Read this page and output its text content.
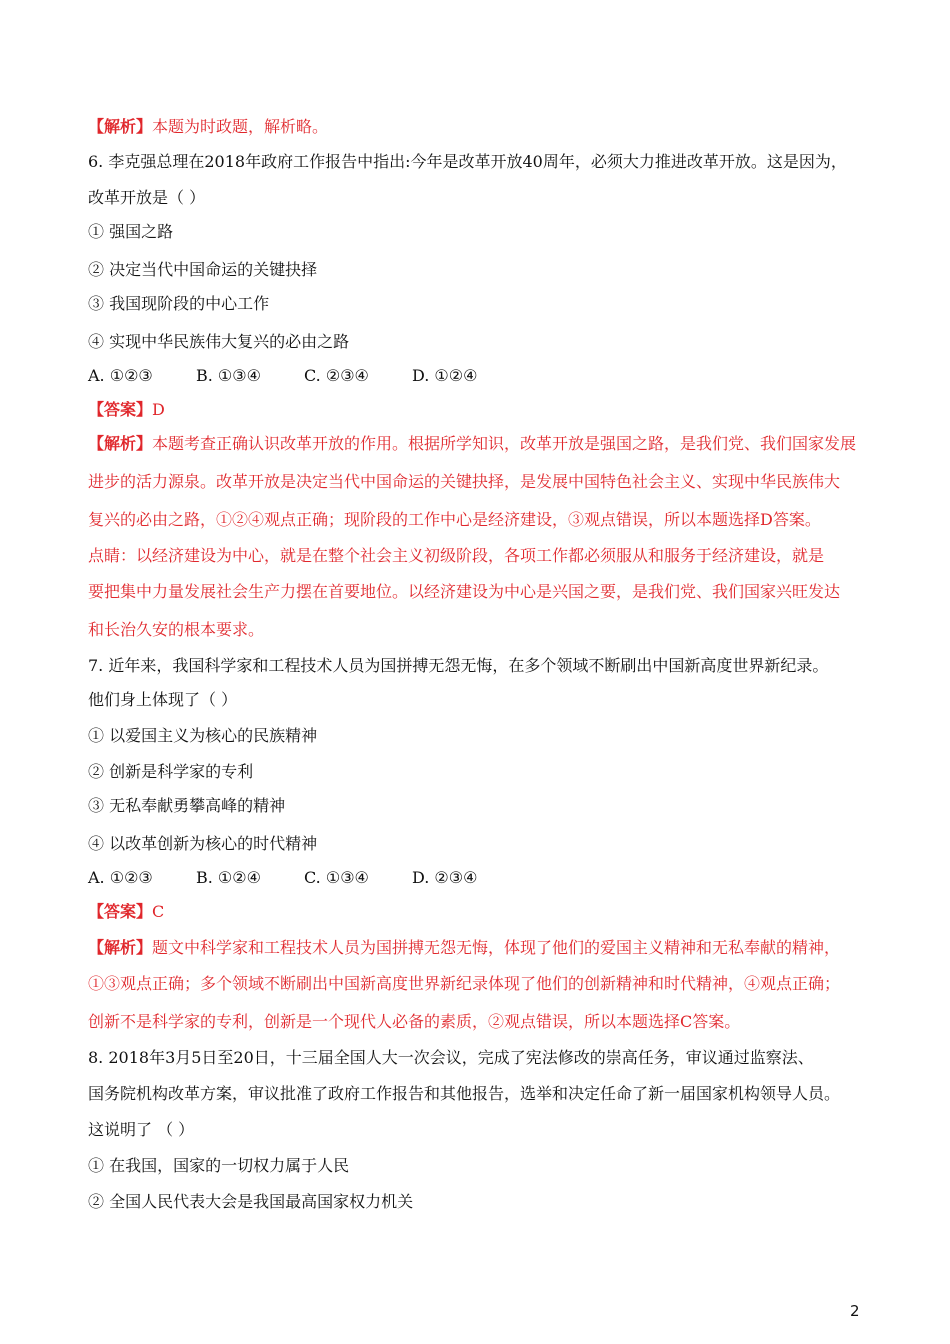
【解析】本题为时政题，解析略。
6. 李克强总理在2018年政府工作报告中指出:今年是改革开放40周年，必须大力推进改革开放。这是因为，
改革开放是（ ）
① 强国之路
② 决定当代中国命运的关键抉择
③ 我国现阶段的中心工作
④ 实现中华民族伟大复兴的必由之路
A. ①②③	B. ①③④	C. ②③④	D. ①②④
【答案】D
【解析】本题考查正确认识改革开放的作用。根据所学知识，改革开放是强国之路，是我们党、我们国家发展
进步的活力源泉。改革开放是决定当代中国命运的关键抉择，是发展中国特色社会主义、实现中华民族伟大
复兴的必由之路，①②④观点正确；现阶段的工作中心是经济建设，③观点错误，所以本题选择D答案。
点睛：以经济建设为中心，就是在整个社会主义初级阶段，各项工作都必须服从和服务于经济建设，就是
要把集中力量发展社会生产力摆在首要地位。以经济建设为中心是兴国之要，是我们党、我们国家兴旺发达
和长治久安的根本要求。
7. 近年来，我国科学家和工程技术人员为国拼搏无怨无悔，在多个领域不断刷出中国新高度世界新纪录。
他们身上体现了（ ）
① 以爱国主义为核心的民族精神
② 创新是科学家的专利
③ 无私奉献勇攀高峰的精神
④ 以改革创新为核心的时代精神
A. ①②③	B. ①②④	C. ①③④	D. ②③④
【答案】C
【解析】题文中科学家和工程技术人员为国拼搏无怨无悔，体现了他们的爱国主义精神和无私奉献的精神，
①③观点正确；多个领域不断刷出中国新高度世界新纪录体现了他们的创新精神和时代精神，④观点正确；
创新不是科学家的专利，创新是一个现代人必备的素质，②观点错误，所以本题选择C答案。
8. 2018年3月5日至20日，十三届全国人大一次会议，完成了宪法修改的崇高任务，审议通过监察法、
国务院机构改革方案，审议批准了政府工作报告和其他报告，选举和决定任命了新一届国家机构领导人员。
这说明了 （ ）
① 在我国，国家的一切权力属于人民
② 全国人民代表大会是我国最高国家权力机关
2
